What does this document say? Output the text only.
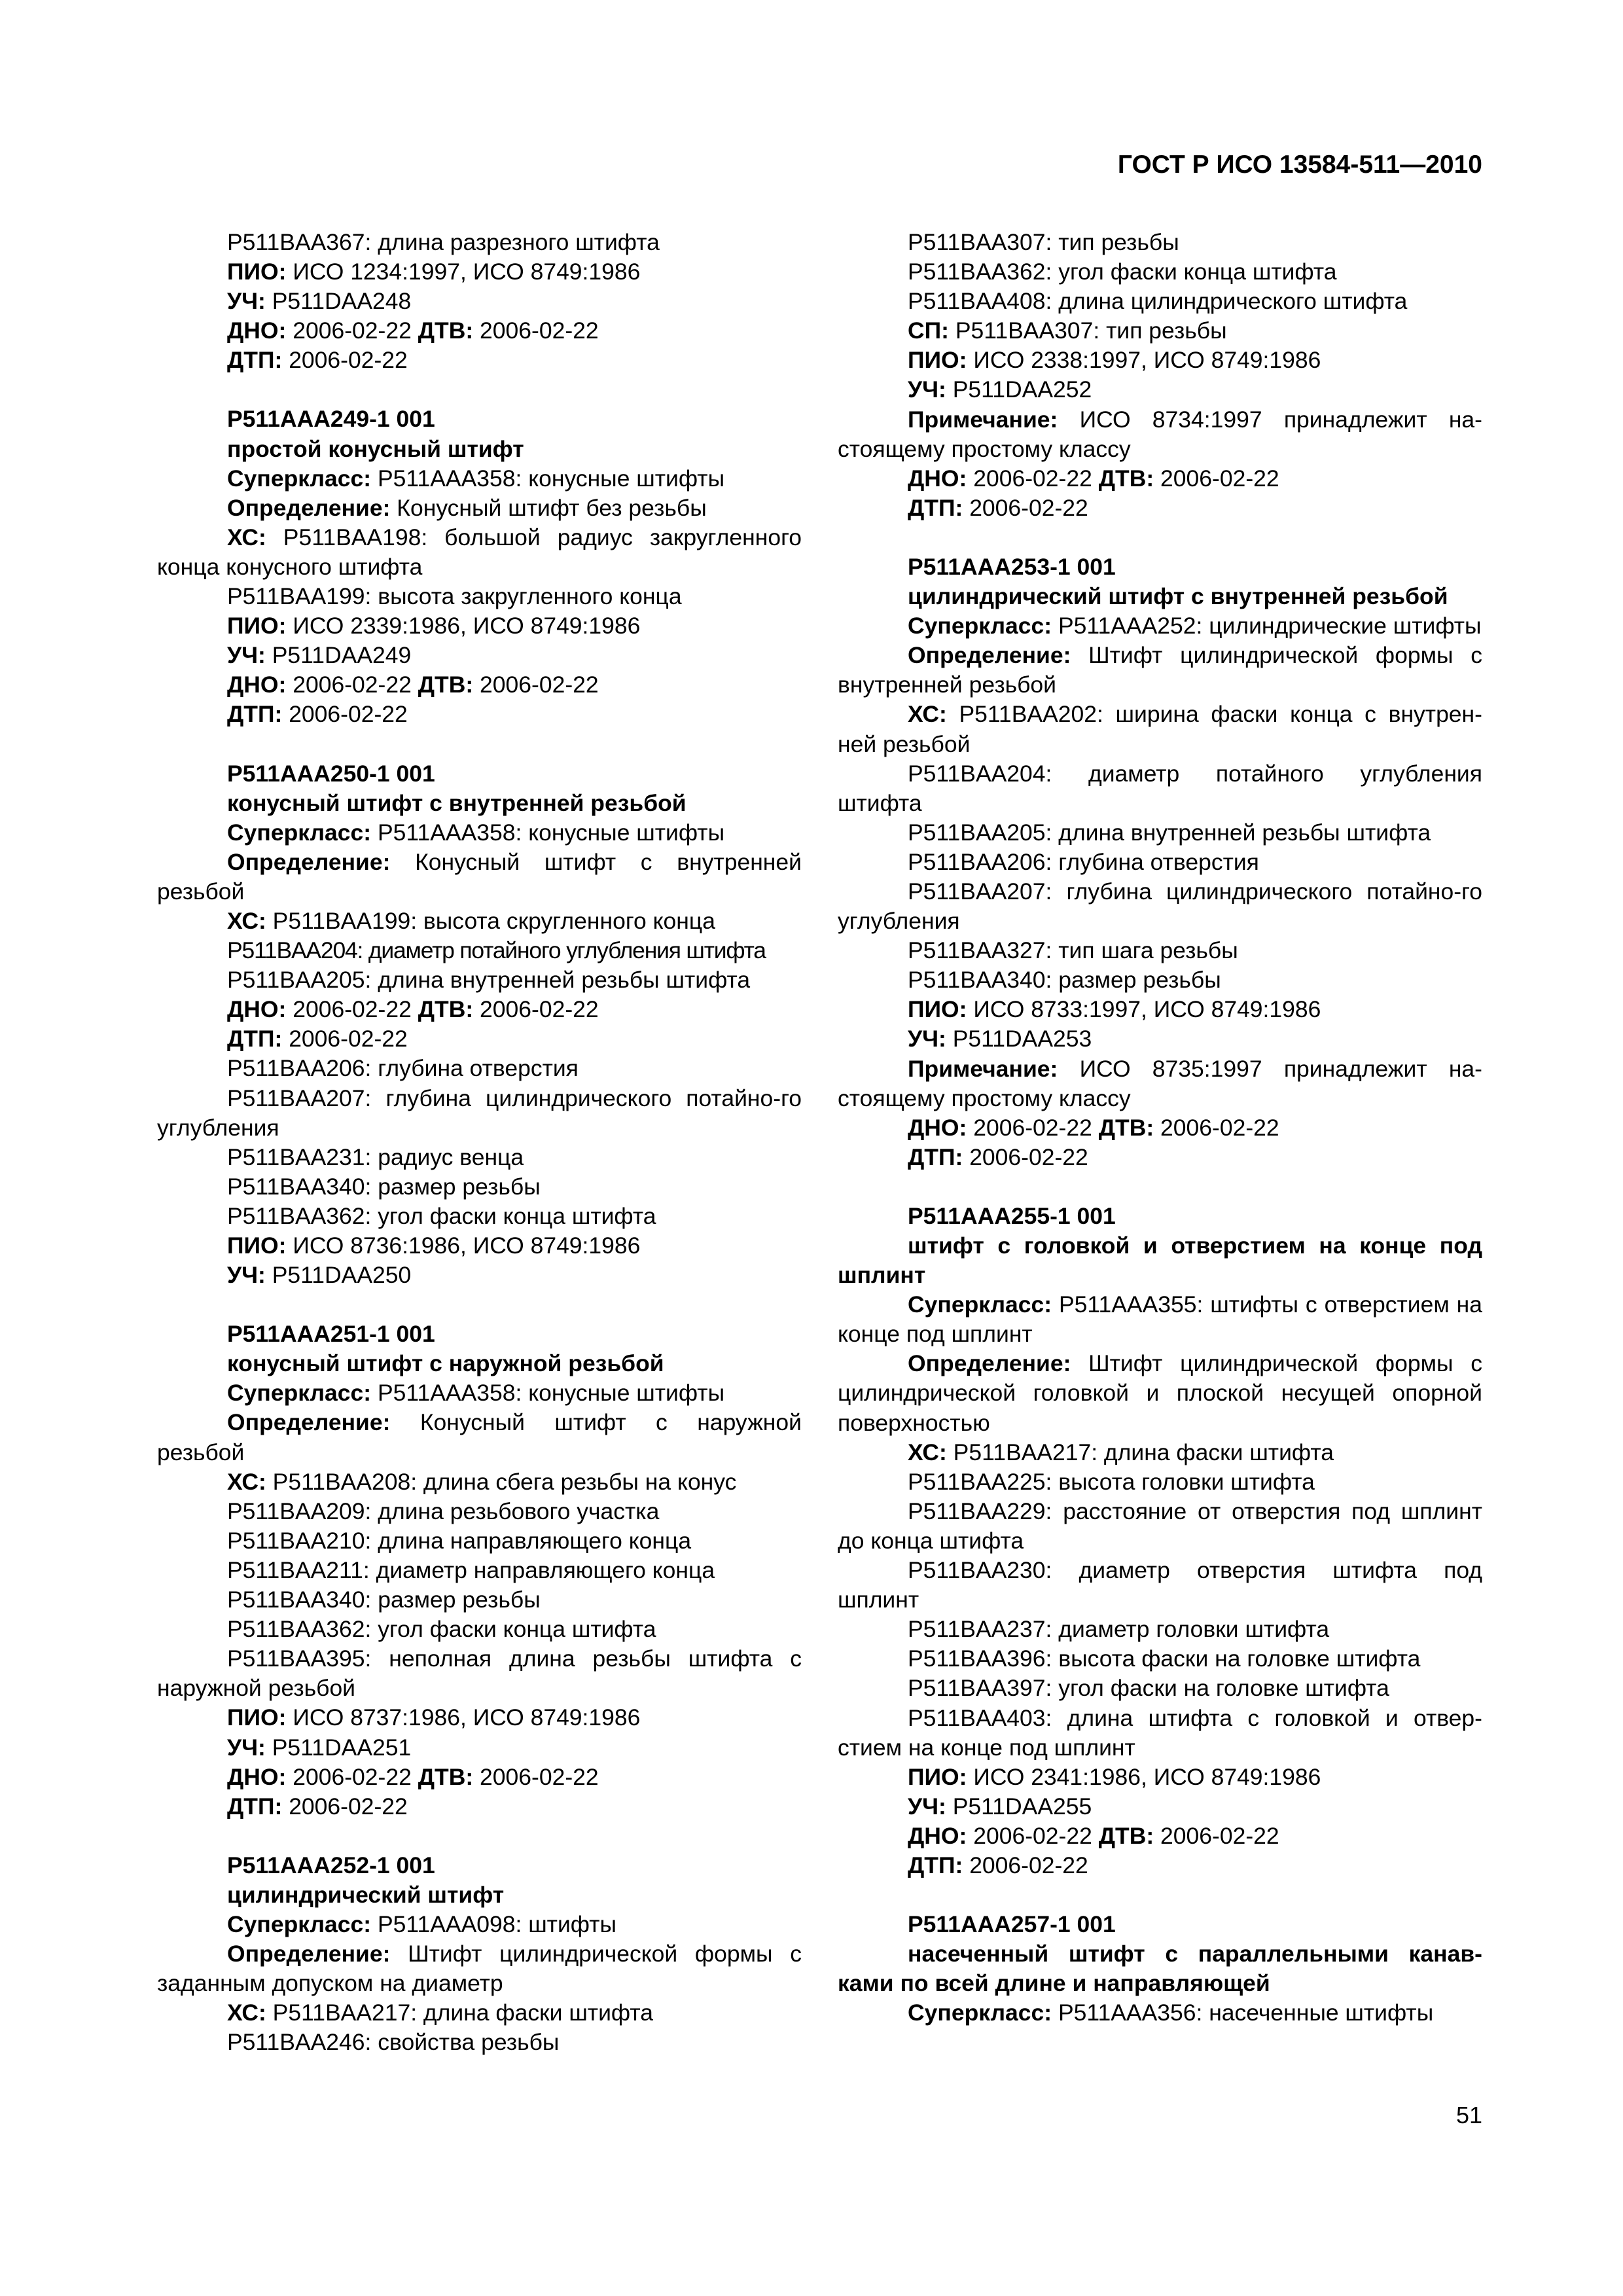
ГОСТ Р ИСО 13584-511—2010

P511BAA367: длина разрезного штифта

ПИО: ИСО 1234:1997, ИСО 8749:1986

УЧ: P511DAA248

ДНО: 2006-02-22 ДТВ: 2006-02-22

ДТП: 2006-02-22

P511AAA249-1 001

простой конусный штифт

Суперкласс: P511AAA358: конусные штифты

Определение: Конусный штифт без резьбы

ХС: P511BAA198: большой радиус закругленного конца конусного штифта

P511BAA199: высота закругленного конца

ПИО: ИСО 2339:1986, ИСО 8749:1986

УЧ: P511DAA249

ДНО: 2006-02-22 ДТВ: 2006-02-22

ДТП: 2006-02-22

P511AAA250-1 001

конусный штифт с внутренней резьбой

Суперкласс: P511AAA358: конусные штифты

Определение: Конусный штифт с внутренней резьбой

ХС: P511BAA199: высота скругленного конца

P511BAA204: диаметр потайного углубления штифта

P511BAA205: длина внутренней резьбы штифта

ДНО: 2006-02-22 ДТВ: 2006-02-22

ДТП: 2006-02-22

P511BAA206: глубина отверстия

P511BAA207: глубина цилиндрического потайно-го углубления

P511BAA231: радиус венца

P511BAA340: размер резьбы

P511BAA362: угол фаски конца штифта

ПИО: ИСО 8736:1986, ИСО 8749:1986

УЧ: P511DAA250

P511AAA251-1 001

конусный штифт с наружной резьбой

Суперкласс: P511AAA358: конусные штифты

Определение: Конусный штифт с наружной резьбой

ХС: P511BAA208: длина сбега резьбы на конус

P511BAA209: длина резьбового участка

P511BAA210: длина направляющего конца

P511BAA211: диаметр направляющего конца

P511BAA340: размер резьбы

P511BAA362: угол фаски конца штифта

P511BAA395: неполная длина резьбы штифта с наружной резьбой

ПИО: ИСО 8737:1986, ИСО 8749:1986

УЧ: P511DAA251

ДНО: 2006-02-22 ДТВ: 2006-02-22

ДТП: 2006-02-22

P511AAA252-1 001

цилиндрический штифт

Суперкласс: P511AAA098: штифты

Определение: Штифт цилиндрической формы с заданным допуском на диаметр

ХС: P511BAA217: длина фаски штифта

P511BAA246: свойства резьбы

P511BAA307: тип резьбы

P511BAA362: угол фаски конца штифта

P511BAA408: длина цилиндрического штифта

СП: P511BAA307: тип резьбы

ПИО: ИСО 2338:1997, ИСО 8749:1986

УЧ: P511DAA252

Примечание: ИСО 8734:1997 принадлежит на-стоящему простому классу

ДНО: 2006-02-22 ДТВ: 2006-02-22

ДТП: 2006-02-22

P511AAA253-1 001

цилиндрический штифт с внутренней резьбой

Суперкласс: P511AAA252: цилиндрические штифты

Определение: Штифт цилиндрической формы с внутренней резьбой

ХС: P511BAA202: ширина фаски конца с внутрен-ней резьбой

P511BAA204: диаметр потайного углубления штифта

P511BAA205: длина внутренней резьбы штифта

P511BAA206: глубина отверстия

P511BAA207: глубина цилиндрического потайно-го углубления

P511BAA327: тип шага резьбы

P511BAA340: размер резьбы

ПИО: ИСО 8733:1997, ИСО 8749:1986

УЧ: P511DAA253

Примечание: ИСО 8735:1997 принадлежит на-стоящему простому классу

ДНО: 2006-02-22 ДТВ: 2006-02-22

ДТП: 2006-02-22

P511AAA255-1 001

штифт с головкой и отверстием на конце под шплинт

Суперкласс: P511AAA355: штифты с отверстием на конце под шплинт

Определение: Штифт цилиндрической формы с цилиндрической головкой и плоской несущей опорной поверхностью

ХС: P511BAA217: длина фаски штифта

P511BAA225: высота головки штифта

P511BAA229: расстояние от отверстия под шплинт до конца штифта

P511BAA230: диаметр отверстия штифта под шплинт

P511BAA237: диаметр головки штифта

P511BAA396: высота фаски на головке штифта

P511BAA397: угол фаски на головке штифта

P511BAA403: длина штифта с головкой и отвер-стием на конце под шплинт

ПИО: ИСО 2341:1986, ИСО 8749:1986

УЧ: P511DAA255

ДНО: 2006-02-22 ДТВ: 2006-02-22

ДТП: 2006-02-22

P511AAA257-1 001

насеченный штифт с параллельными канав-ками по всей длине и направляющей

Суперкласс: P511AAA356: насеченные штифты

51
